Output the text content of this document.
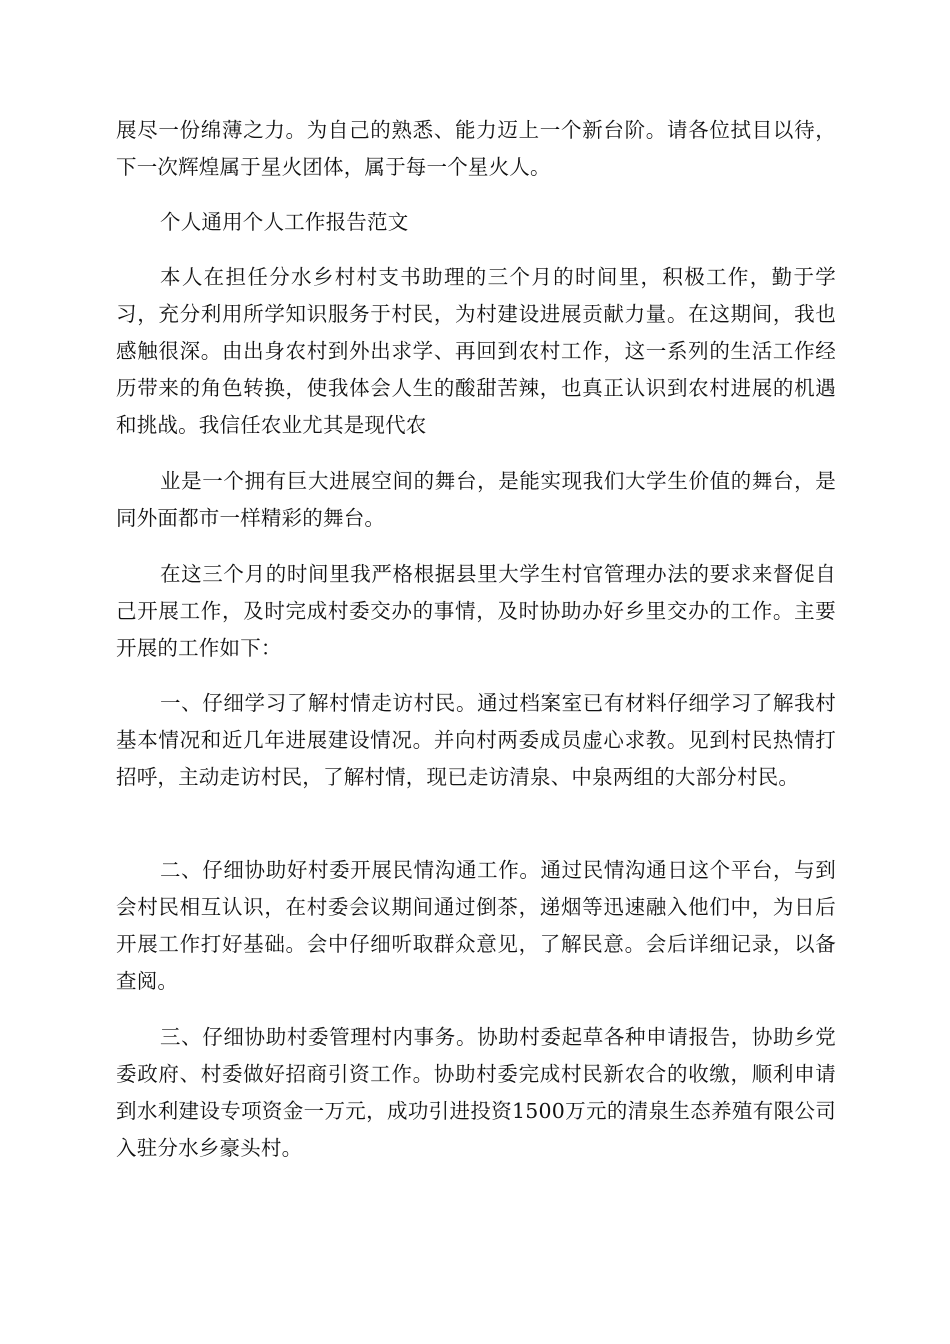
展尽一份绵薄之力。为自己的熟悉、能力迈上一个新台阶。请各位拭目以待，下一次辉煌属于星火团体，属于每一个星火人。

个人通用个人工作报告范文

本人在担任分水乡村村支书助理的三个月的时间里，积极工作，勤于学习，充分利用所学知识服务于村民，为村建设进展贡献力量。在这期间，我也感触很深。由出身农村到外出求学、再回到农村工作，这一系列的生活工作经历带来的角色转换，使我体会人生的酸甜苦辣，也真正认识到农村进展的机遇和挑战。我信任农业尤其是现代农

业是一个拥有巨大进展空间的舞台，是能实现我们大学生价值的舞台，是同外面都市一样精彩的舞台。

在这三个月的时间里我严格根据县里大学生村官管理办法的要求来督促自己开展工作，及时完成村委交办的事情，及时协助办好乡里交办的工作。主要开展的工作如下：

一、仔细学习了解村情走访村民。通过档案室已有材料仔细学习了解我村基本情况和近几年进展建设情况。并向村两委成员虚心求教。见到村民热情打招呼，主动走访村民，了解村情，现已走访清泉、中泉两组的大部分村民。

二、仔细协助好村委开展民情沟通工作。通过民情沟通日这个平台，与到会村民相互认识，在村委会议期间通过倒茶，递烟等迅速融入他们中，为日后开展工作打好基础。会中仔细听取群众意见，了解民意。会后详细记录，以备查阅。

三、仔细协助村委管理村内事务。协助村委起草各种申请报告，协助乡党委政府、村委做好招商引资工作。协助村委完成村民新农合的收缴，顺利申请到水利建设专项资金一万元，成功引进投资1500万元的清泉生态养殖有限公司入驻分水乡豪头村。
